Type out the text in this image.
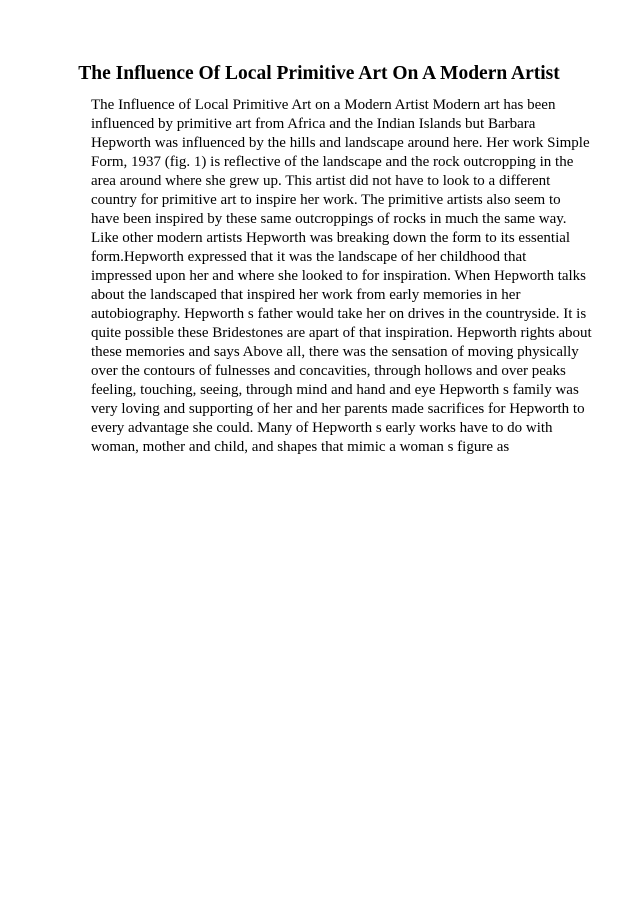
The Influence Of Local Primitive Art On A Modern Artist

The Influence of Local Primitive Art on a Modern Artist Modern art has been
influenced by primitive art from Africa and the Indian Islands but Barbara
Hepworth was influenced by the hills and landscape around here. Her work Simple
Form, 1937 (fig. 1) is reflective of the landscape and the rock outcropping in the
area around where she grew up. This artist did not have to look to a different
country for primitive art to inspire her work. The primitive artists also seem to
have been inspired by these same outcroppings of rocks in much the same way.
Like other modern artists Hepworth was breaking down the form to its essential
form.Hepworth expressed that it was the landscape of her childhood that
impressed upon her and where she looked to for inspiration. When Hepworth talks
about the landscaped that inspired her work from early memories in her
autobiography. Hepworth s father would take her on drives in the countryside. It is
quite possible these Bridestones are apart of that inspiration. Hepworth rights about
these memories and says Above all, there was the sensation of moving physically
over the contours of fulnesses and concavities, through hollows and over peaks
feeling, touching, seeing, through mind and hand and eye Hepworth s family was
very loving and supporting of her and her parents made sacrifices for Hepworth to
every advantage she could. Many of Hepworth s early works have to do with
woman, mother and child, and shapes that mimic a woman s figure as
